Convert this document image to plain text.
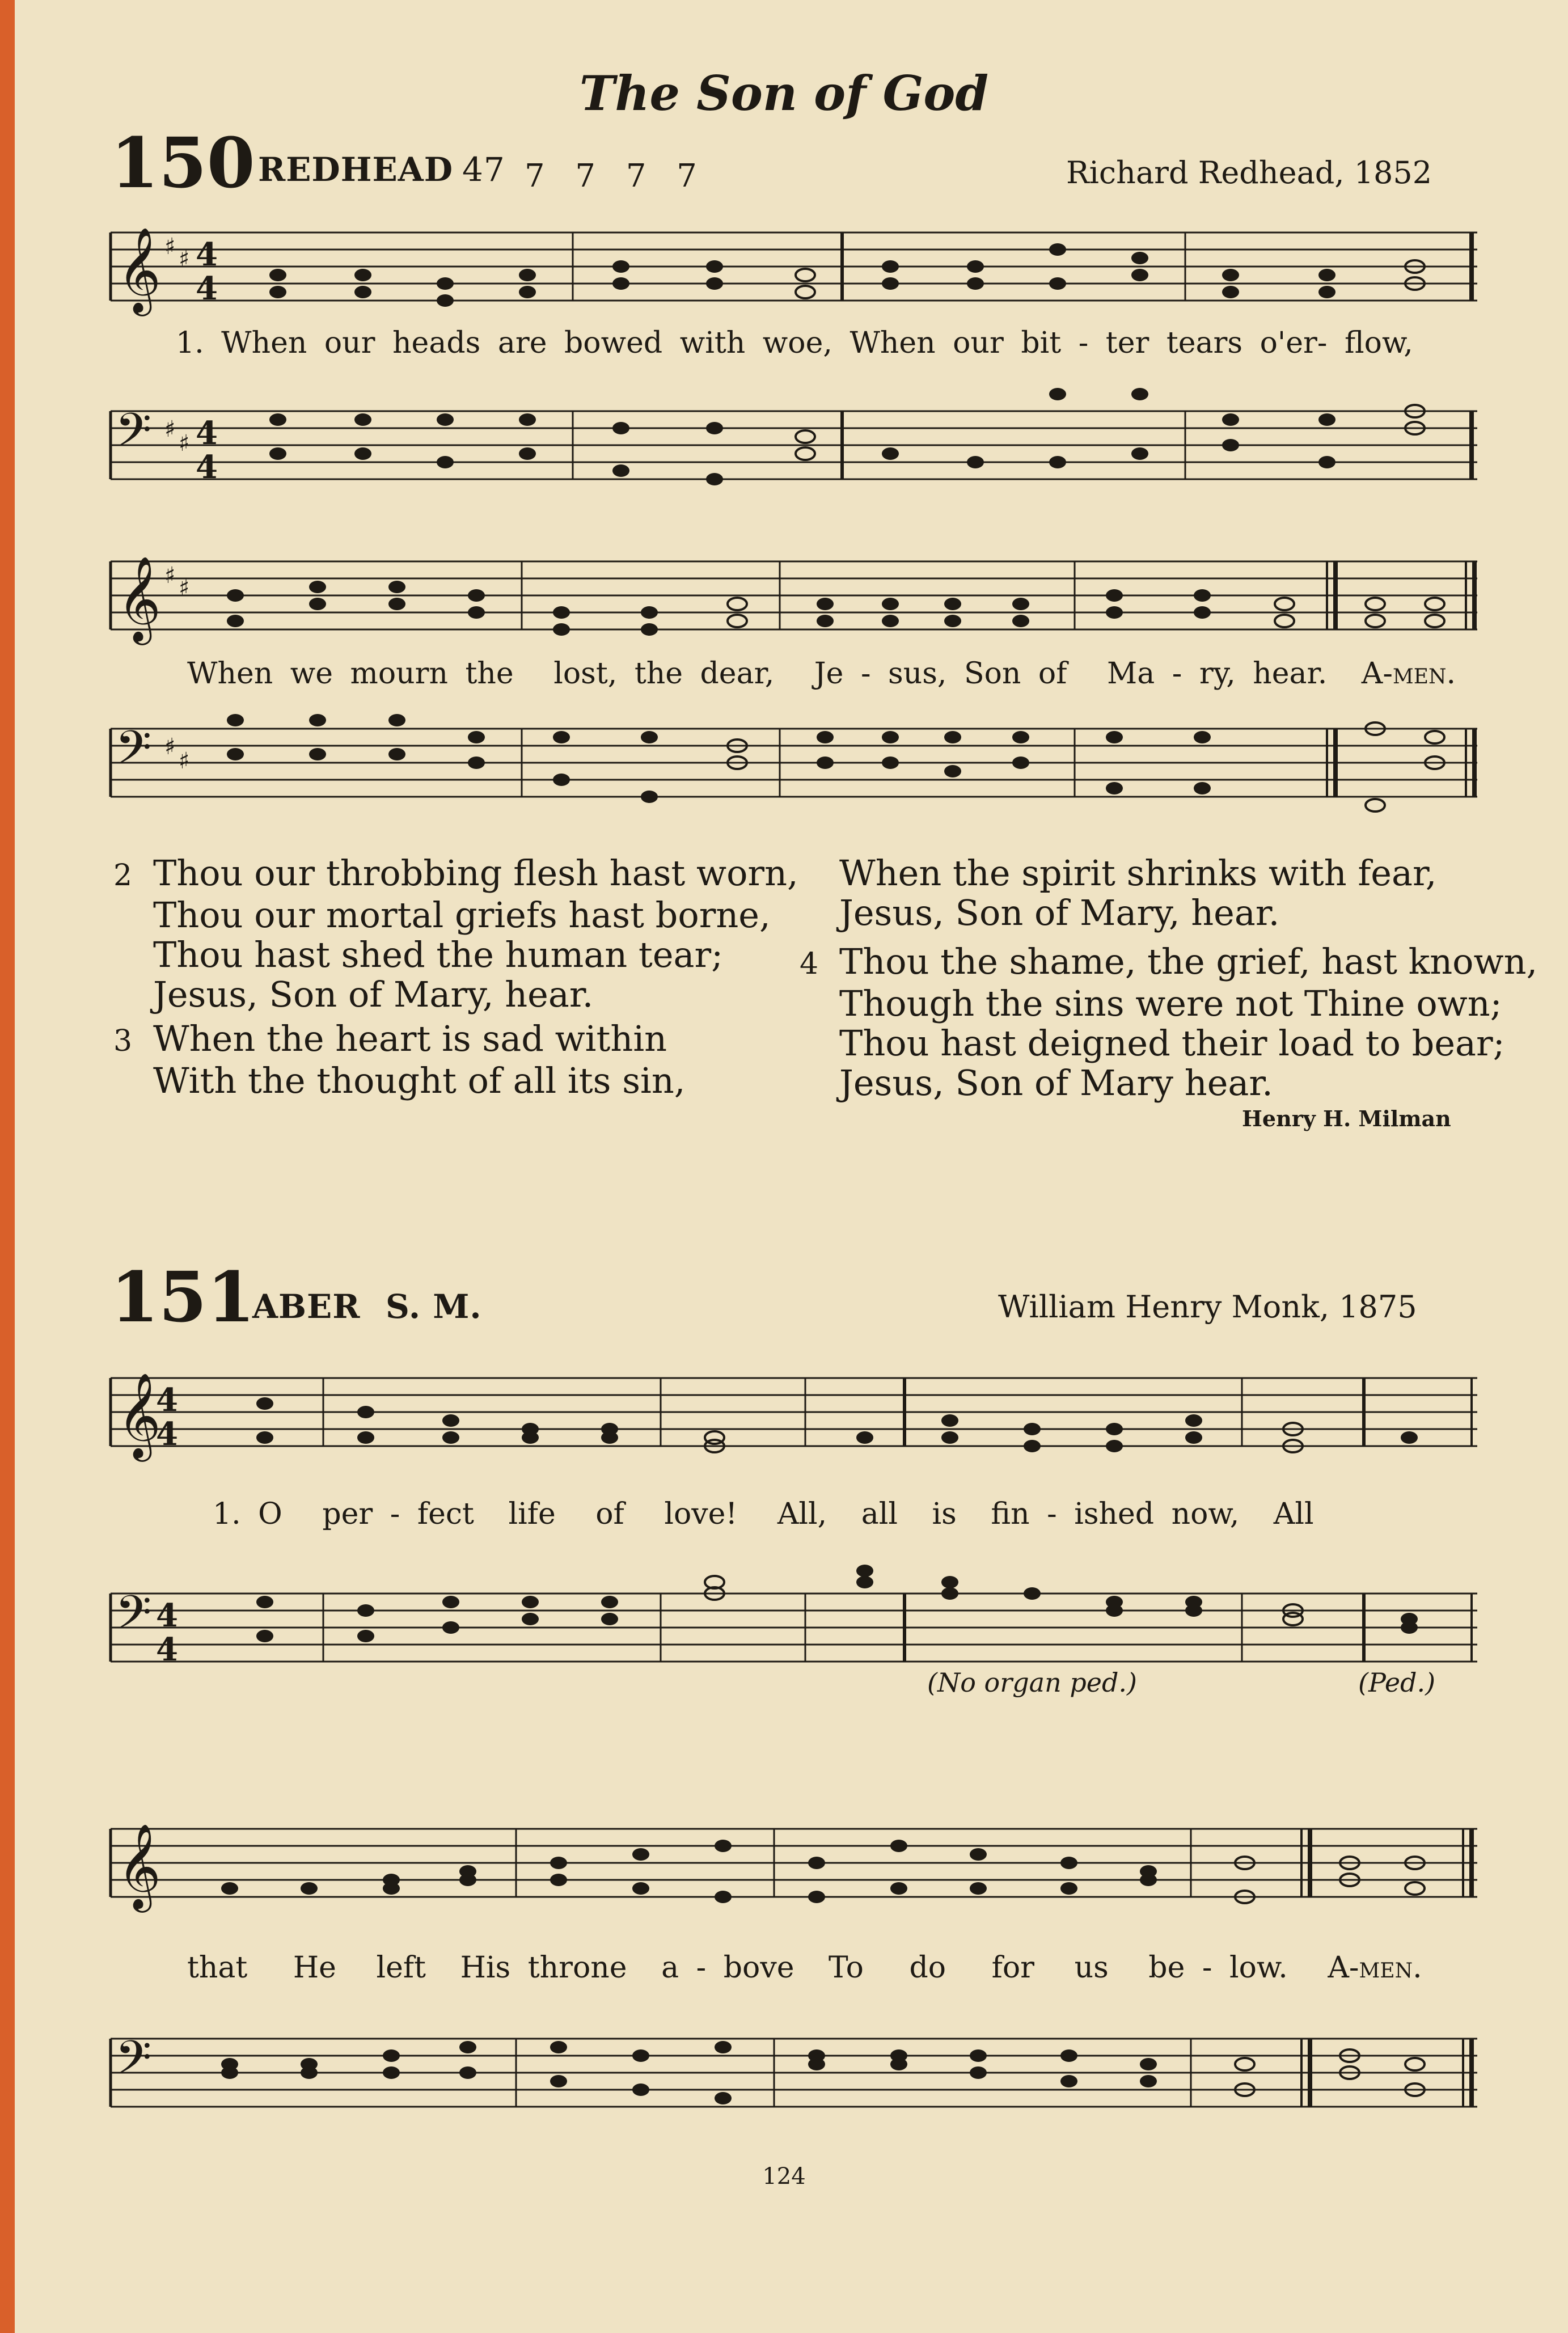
The Son of God
150 REDHEAD 47 7 7 7 7	Richard Redhead, 1852
𝄞 ♯ ♯ 4
4
1. When our heads are bowed with woe, When our bit - ter tears o'er- flow,
𝄢 ♯
♯ 4
4
𝄞 ♯ ♯
When we mourn the lost, the dear, Je - sus, Son of Ma - ry, hear. A-men.
𝄢 ♯
♯
2 Thou our throbbing flesh hast worn,
Thou our mortal griefs hast borne,
Thou hast shed the human tear;
Jesus, Son of Mary, hear.
3 When the heart is sad within
With the thought of all its sin,
When the spirit shrinks with fear,
Jesus, Son of Mary, hear.
4 Thou the shame, the grief, hast known,
Though the sins were not Thine own;
Thou hast deigned their load to bear;
Jesus, Son of Mary hear.
Henry H. Milman
151
ABER S. M.	William Henry Monk, 1875
𝄞
4
4
1. O per - fect life of love! All, all is fin - ished now, All
𝄢 4
4
(No organ ped.)	(Ped.)
𝄞
that He left His throne a - bove To do for us be - low. A-men.
𝄢
124
